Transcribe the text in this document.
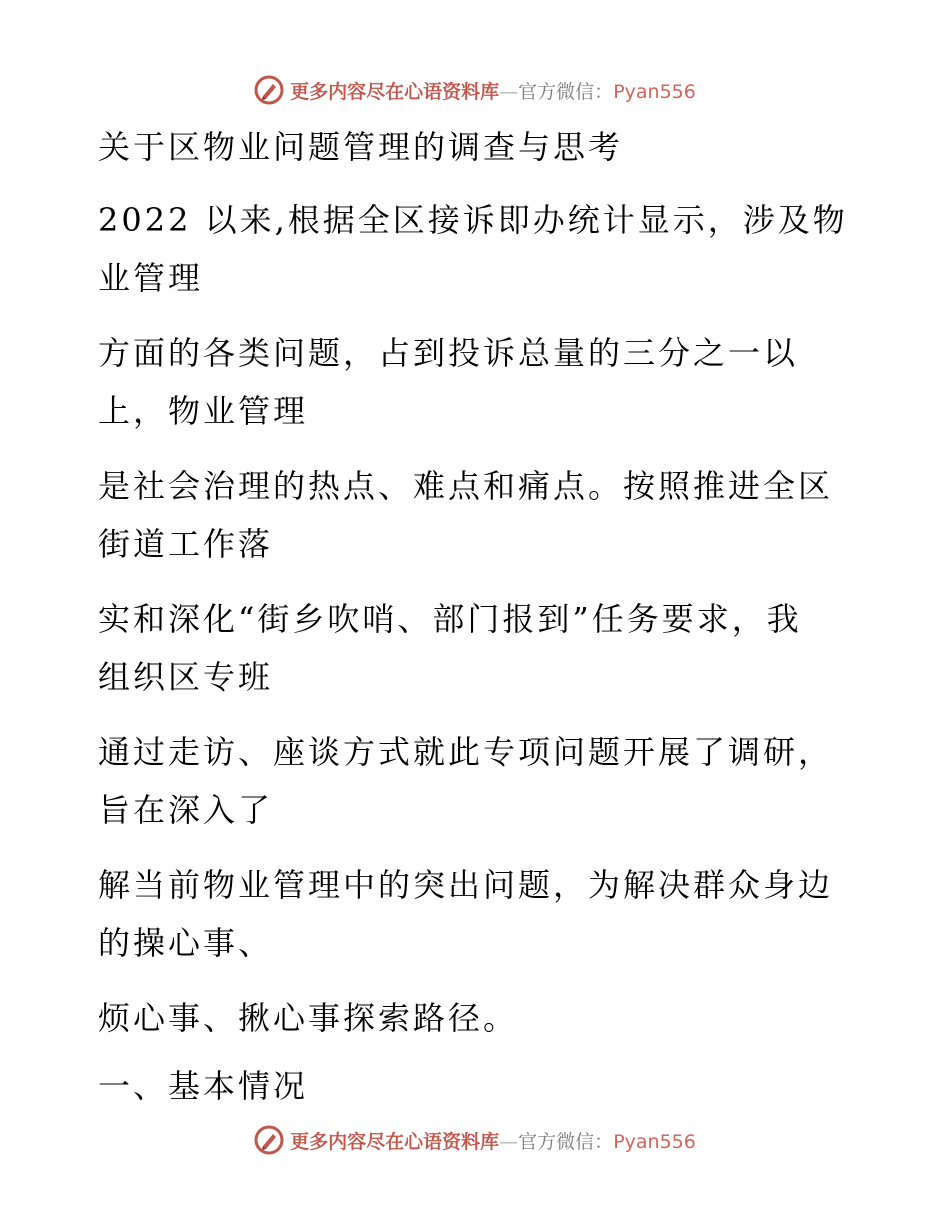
更多内容尽在心语资料库—官方微信：Pyan556
关于区物业问题管理的调查与思考
2022 以来,根据全区接诉即办统计显示，涉及物
业管理
方面的各类问题，占到投诉总量的三分之一以
上，物业管理
是社会治理的热点、难点和痛点。按照推进全区
街道工作落
实和深化“街乡吹哨、部门报到”任务要求，我
组织区专班
通过走访、座谈方式就此专项问题开展了调研，
旨在深入了
解当前物业管理中的突出问题，为解决群众身边
的操心事、
烦心事、揪心事探索路径。
一、基本情况
更多内容尽在心语资料库—官方微信：Pyan556
